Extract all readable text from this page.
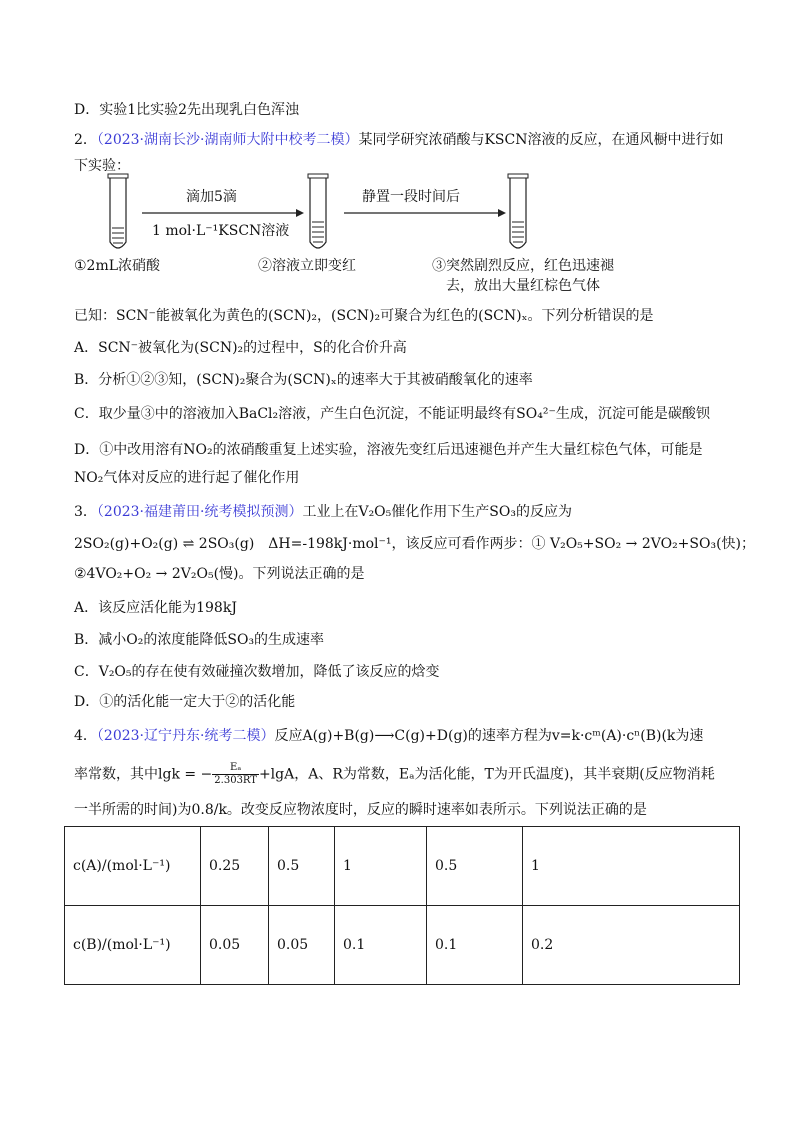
D．实验1比实验2先出现乳白色浑浊
2．（2023·湖南长沙·湖南师大附中校考二模）某同学研究浓硝酸与KSCN溶液的反应，在通风橱中进行如
下实验：
滴加5滴
1 mol·L⁻¹KSCN溶液
静置一段时间后
①2mL浓硝酸	②溶液立即变红	③突然剧烈反应，红色迅速褪
去，放出大量红棕色气体
已知：SCN⁻能被氧化为黄色的(SCN)₂，(SCN)₂可聚合为红色的(SCN)ₓ。下列分析错误的是
A．SCN⁻被氧化为(SCN)₂的过程中，S的化合价升高
B．分析①②③知，(SCN)₂聚合为(SCN)ₓ的速率大于其被硝酸氧化的速率
C．取少量③中的溶液加入BaCl₂溶液，产生白色沉淀，不能证明最终有SO₄²⁻生成，沉淀可能是碳酸钡
D．①中改用溶有NO₂的浓硝酸重复上述实验，溶液先变红后迅速褪色并产生大量红棕色气体，可能是
NO₂气体对反应的进行起了催化作用
3．（2023·福建莆田·统考模拟预测）工业上在V₂O₅催化作用下生产SO₃的反应为
2SO₂(g)+O₂(g) ⇌ 2SO₃(g)　ΔH=-198kJ·mol⁻¹，该反应可看作两步：① V₂O₅+SO₂ → 2VO₂+SO₃(快)；
②4VO₂+O₂ → 2V₂O₅(慢)。下列说法正确的是
A．该反应活化能为198kJ
B．减小O₂的浓度能降低SO₃的生成速率
C．V₂O₅的存在使有效碰撞次数增加，降低了该反应的焓变
D．①的活化能一定大于②的活化能
4．（2023·辽宁丹东·统考二模）反应A(g)+B(g)⟶C(g)+D(g)的速率方程为v=k·cᵐ(A)·cⁿ(B)(k为速
率常数，其中lgk = − $\frac{\text{Eₐ}}{2.303RT} +\lg A$，A、R为常数，Eₐ为活化能，T为开氏温度)，其半衰期(反应物消耗
一半所需的时间)为0.8/k。改变反应物浓度时，反应的瞬时速率如表所示。下列说法正确的是
c(A)/(mol·L⁻¹)	0.25	0.5	1	0.5	1
c(B)/(mol·L⁻¹)	0.05	0.05	0.1	0.1	0.2
